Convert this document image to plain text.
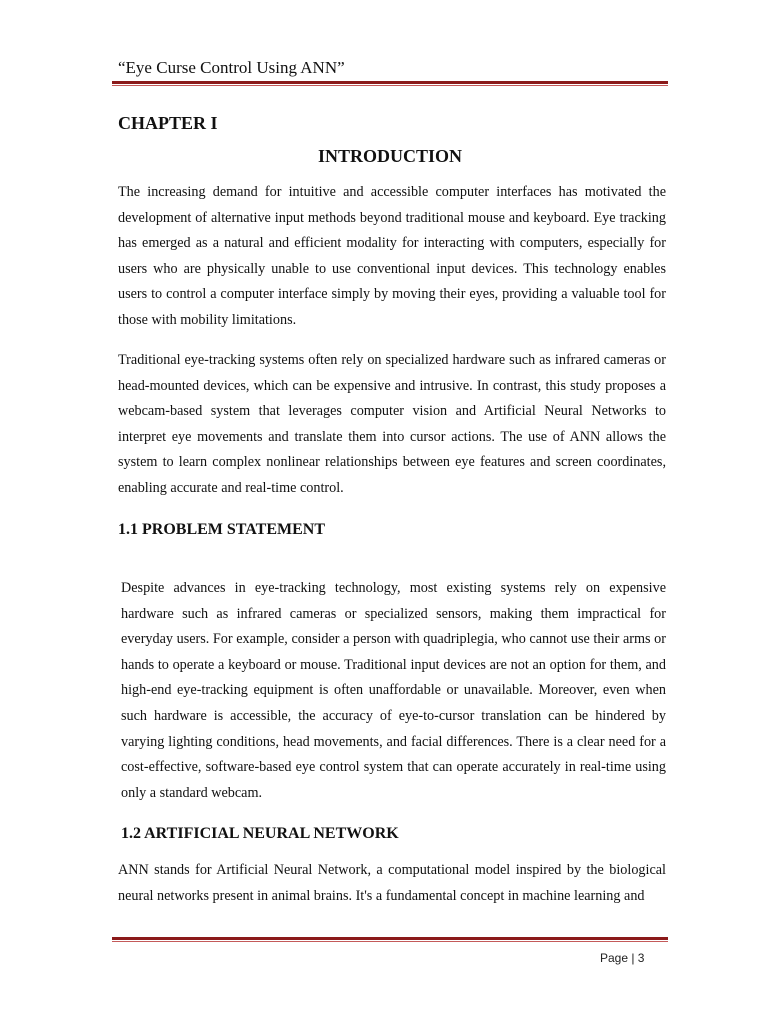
“Eye Curse Control Using ANN”
CHAPTER I
INTRODUCTION

The increasing demand for intuitive and accessible computer interfaces has motivated the development of alternative input methods beyond traditional mouse and keyboard. Eye tracking has emerged as a natural and efficient modality for interacting with computers, especially for users who are physically unable to use conventional input devices. This technology enables users to control a computer interface simply by moving their eyes, providing a valuable tool for those with mobility limitations.

Traditional eye-tracking systems often rely on specialized hardware such as infrared cameras or head-mounted devices, which can be expensive and intrusive. In contrast, this study proposes a webcam-based system that leverages computer vision and Artificial Neural Networks to interpret eye movements and translate them into cursor actions. The use of ANN allows the system to learn complex nonlinear relationships between eye features and screen coordinates, enabling accurate and real-time control.

1.1 PROBLEM STATEMENT

Despite advances in eye-tracking technology, most existing systems rely on expensive hardware such as infrared cameras or specialized sensors, making them impractical for everyday users. For example, consider a person with quadriplegia, who cannot use their arms or hands to operate a keyboard or mouse. Traditional input devices are not an option for them, and high-end eye-tracking equipment is often unaffordable or unavailable. Moreover, even when such hardware is accessible, the accuracy of eye-to-cursor translation can be hindered by varying lighting conditions, head movements, and facial differences. There is a clear need for a cost-effective, software-based eye control system that can operate accurately in real-time using only a standard webcam.

1.2 ARTIFICIAL NEURAL NETWORK

ANN stands for Artificial Neural Network, a computational model inspired by the biological neural networks present in animal brains. It's a fundamental concept in machine learning and

Page | 3
